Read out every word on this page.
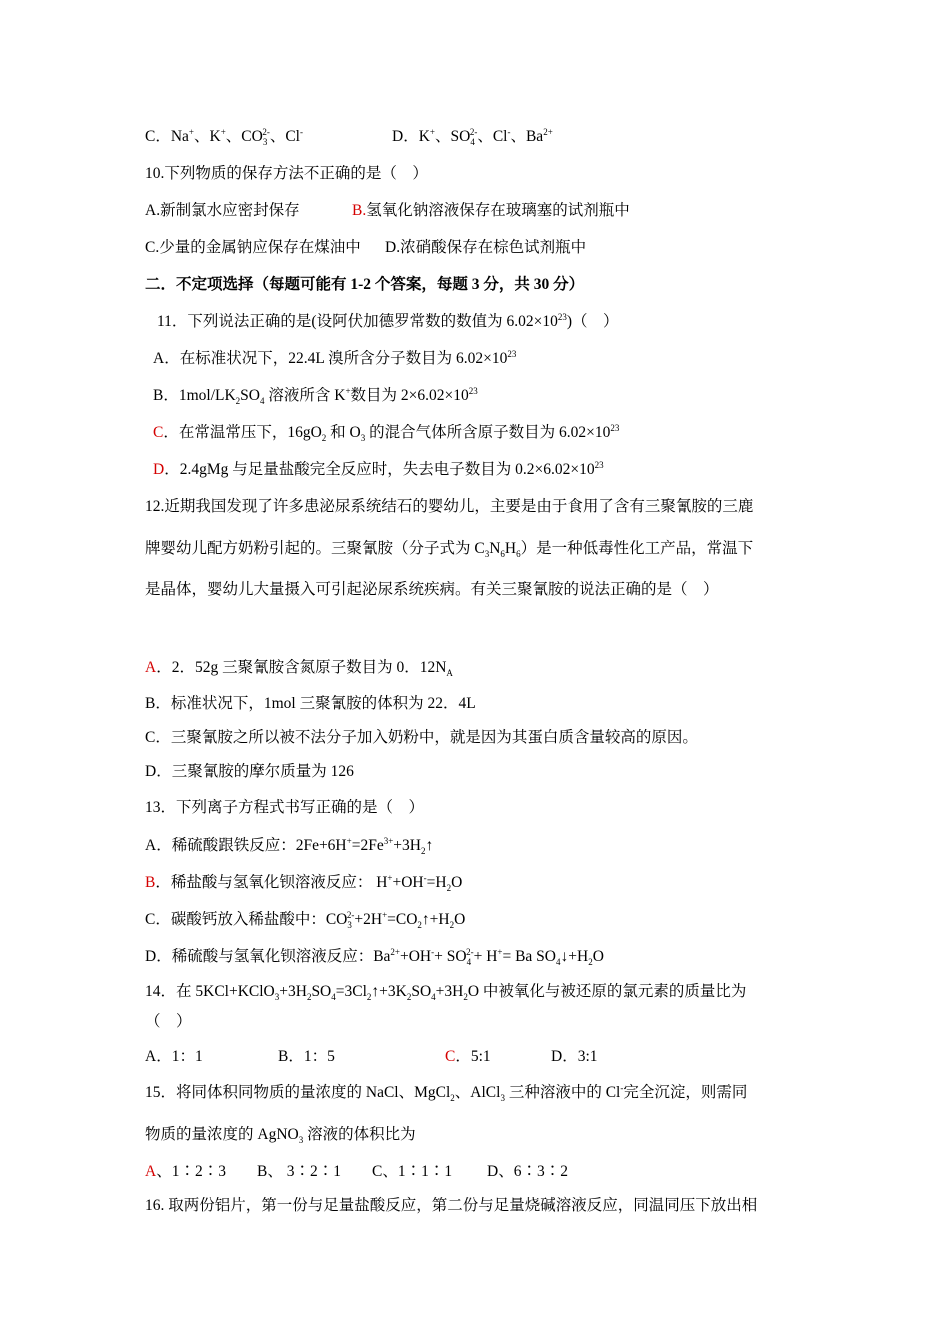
C．Na+、K+、$CO_3^{2-}$、Cl-	D．K+、$SO_4^{2-}$、Cl-、$Ba^{2+}$
10.下列物质的保存方法不正确的是（　）
A.新制氯水应密封保存	B.氢氧化钠溶液保存在玻璃塞的试剂瓶中
C.少量的金属钠应保存在煤油中 D.浓硝酸保存在棕色试剂瓶中
二．不定项选择（每题可能有 1-2 个答案，每题 3 分，共 30 分）
11．下列说法正确的是(设阿伏加德罗常数的数值为 $6.02\times 10^{23}$)（　）
A．在标准状况下，22.4L 溴所含分子数目为 $6.02\times 10^{23}$
B．$1mol/LK_2SO_4$ 溶液所含 K+数目为 $2\times 6.02\times 10^{23}$
C．在常温常压下，$16gO_2$ 和 $O_3$ 的混合气体所含原子数目为 $6.02\times 10^{23}$
D．2.4gMg 与足量盐酸完全反应时，失去电子数目为 $0.2\times 6.02\times 10^{23}$
12.近期我国发现了许多患泌尿系统结石的婴幼儿，主要是由于食用了含有三聚氰胺的三鹿
牌婴幼儿配方奶粉引起的。三聚氰胺（分子式为 $C_3N_6H_6$）是一种低毒性化工产品，常温下
是晶体，婴幼儿大量摄入可引起泌尿系统疾病。有关三聚氰胺的说法正确的是（　）
A．2．52g 三聚氰胺含氮原子数目为 0．$12N_A$
B．标准状况下，1mol 三聚氰胺的体积为 22．4L
C．三聚氰胺之所以被不法分子加入奶粉中，就是因为其蛋白质含量较高的原因。
D．三聚氰胺的摩尔质量为 126
13．下列离子方程式书写正确的是（　）
A．稀硫酸跟铁反应：$2Fe+6H^+=2Fe^{3+}+3H_2↑$
B．稀盐酸与氢氧化钡溶液反应： $H^++OH^-=H_2O$
C．碳酸钙放入稀盐酸中：$CO_3^{2-}+2H^+=CO_2↑+H_2O$
D．稀硫酸与氢氧化钡溶液反应：$Ba^{2+}+OH^-+ SO_4^{2-}+ H^+= Ba$ $SO_4↓+H_2O$
14．在 $5KCl+KClO_3+3H_2SO_4=3Cl_2↑+3K_2SO_4+3H_2O$ 中被氧化与被还原的氯元素的质量比为
（　）
A．1：1	B．1：5	C．5:1	D．3:1
15．将同体积同物质的量浓度的 NaCl、MgCl$_2$、AlCl$_3$ 三种溶液中的 Cl-完全沉淀，则需同
物质的量浓度的 AgNO$_3$ 溶液的体积比为
A、1∶2∶3 B、 3∶2∶1 C、1∶1∶1 D、6∶3∶2
16. 取两份铝片，第一份与足量盐酸反应，第二份与足量烧碱溶液反应，同温同压下放出相
